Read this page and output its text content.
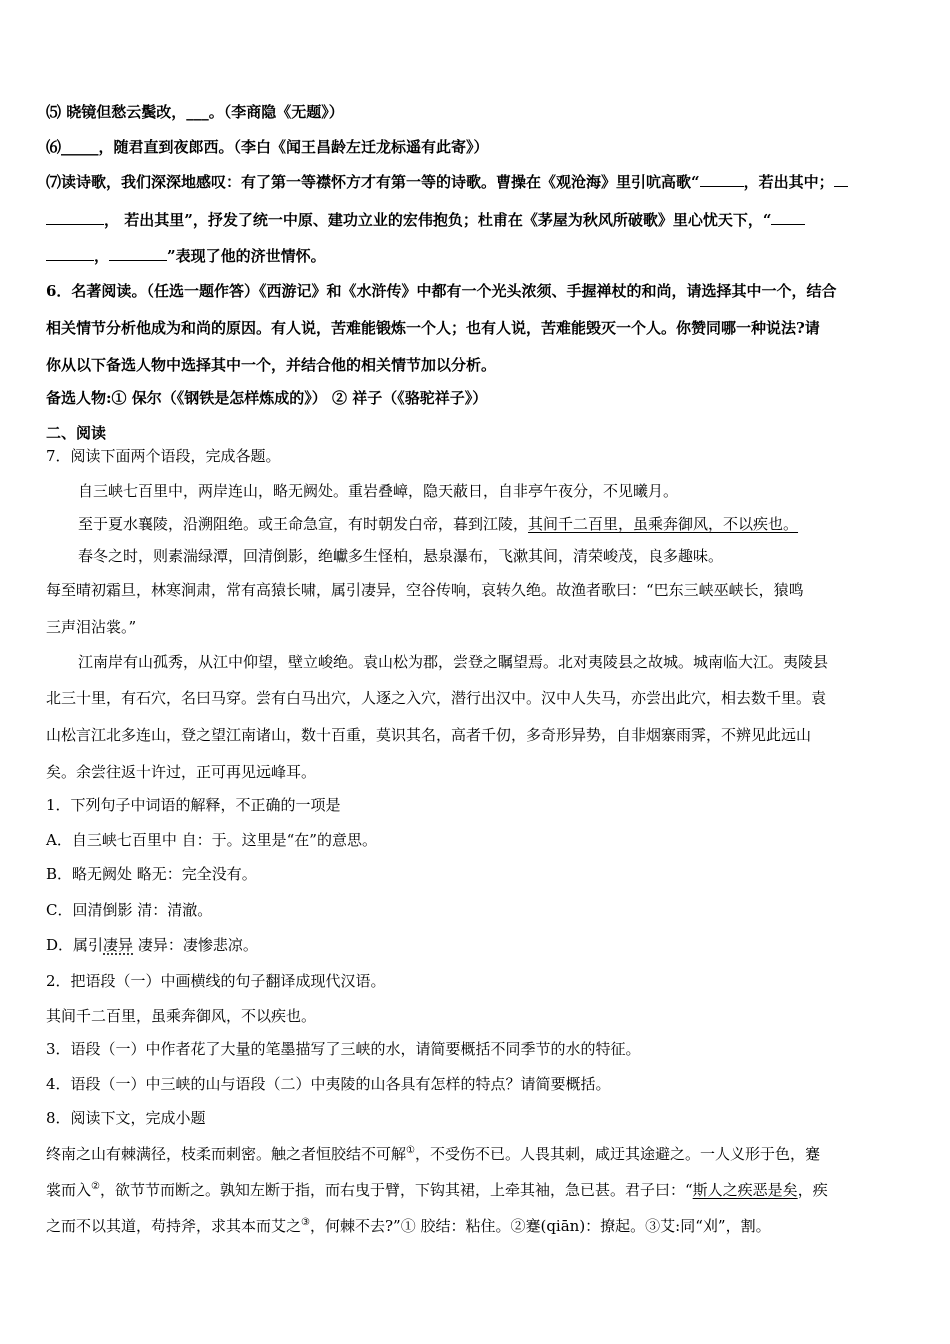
⑸ 晓镜但愁云鬓改，___。（李商隐《无题》）
⑹_____，随君直到夜郎西。（李白《闻王昌龄左迁龙标遥有此寄》）
⑺读诗歌，我们深深地感叹：有了第一等襟怀方才有第一等的诗歌。曹操在《观沧海》里引吭高歌“	，若出其中；
， 若出其里”，抒发了统一中原、建功立业的宏伟抱负；杜甫在《茅屋为秋风所破歌》里心忧天下，“
，	”表现了他的济世情怀。
6．名著阅读。（任选一题作答）《西游记》和《水浒传》中都有一个光头浓须、手握禅杖的和尚，请选择其中一个，结合
相关情节分析他成为和尚的原因。有人说，苦难能锻炼一个人；也有人说，苦难能毁灭一个人。你赞同哪一种说法?请
你从以下备选人物中选择其中一个，并结合他的相关情节加以分析。
备选人物:① 保尔（《钢铁是怎样炼成的》） ② 祥子（《骆驼祥子》）
二、阅读
7．阅读下面两个语段，完成各题。
自三峡七百里中，两岸连山，略无阙处。重岩叠嶂，隐天蔽日，自非亭午夜分，不见曦月。
至于夏水襄陵，沿溯阻绝。或王命急宣，有时朝发白帝，暮到江陵，其间千二百里，虽乘奔御风，不以疾也。
春冬之时，则素湍绿潭，回清倒影，绝巘多生怪柏，悬泉瀑布，飞漱其间，清荣峻茂，良多趣味。
每至晴初霜旦，林寒涧肃，常有高猿长啸，属引凄异，空谷传响，哀转久绝。故渔者歌曰：“巴东三峡巫峡长，猿鸣
三声泪沾裳。”
江南岸有山孤秀，从江中仰望，壁立峻绝。袁山松为郡，尝登之瞩望焉。北对夷陵县之故城。城南临大江。夷陵县
北三十里，有石穴，名曰马穿。尝有白马出穴，人逐之入穴，潜行出汉中。汉中人失马，亦尝出此穴，相去数千里。袁
山松言江北多连山，登之望江南诸山，数十百重，莫识其名，高者千仞，多奇形异势，自非烟寨雨霁，不辨见此远山
矣。余尝往返十许过，正可再见远峰耳。
1．下列句子中词语的解释，不正确的一项是
A．自三峡七百里中 自：于。这里是“在”的意思。
B．略无阙处 略无：完全没有。
C．回清倒影 清：清澈。
D．属引凄异 凄异：凄惨悲凉。
2．把语段（一）中画横线的句子翻译成现代汉语。
其间千二百里，虽乘奔御风，不以疾也。
3．语段（一）中作者花了大量的笔墨描写了三峡的水，请简要概括不同季节的水的特征。
4．语段（一）中三峡的山与语段（二）中夷陵的山各具有怎样的特点？请简要概括。
8．阅读下文，完成小题
终南之山有棘满径，枝柔而刺密。触之者恒胶结不可解①，不受伤不已。人畏其刺，咸迂其途避之。一人义形于色，蹇
裳而入②，欲节节而断之。孰知左断于指，而右曳于臂，下钩其裙，上牵其袖，急已甚。君子曰：“斯人之疾恶是矣，疾
之而不以其道，苟持斧，求其本而艾之③，何棘不去?”① 胶结：粘住。②蹇(qiān)：撩起。③艾:同“刈”，割。
